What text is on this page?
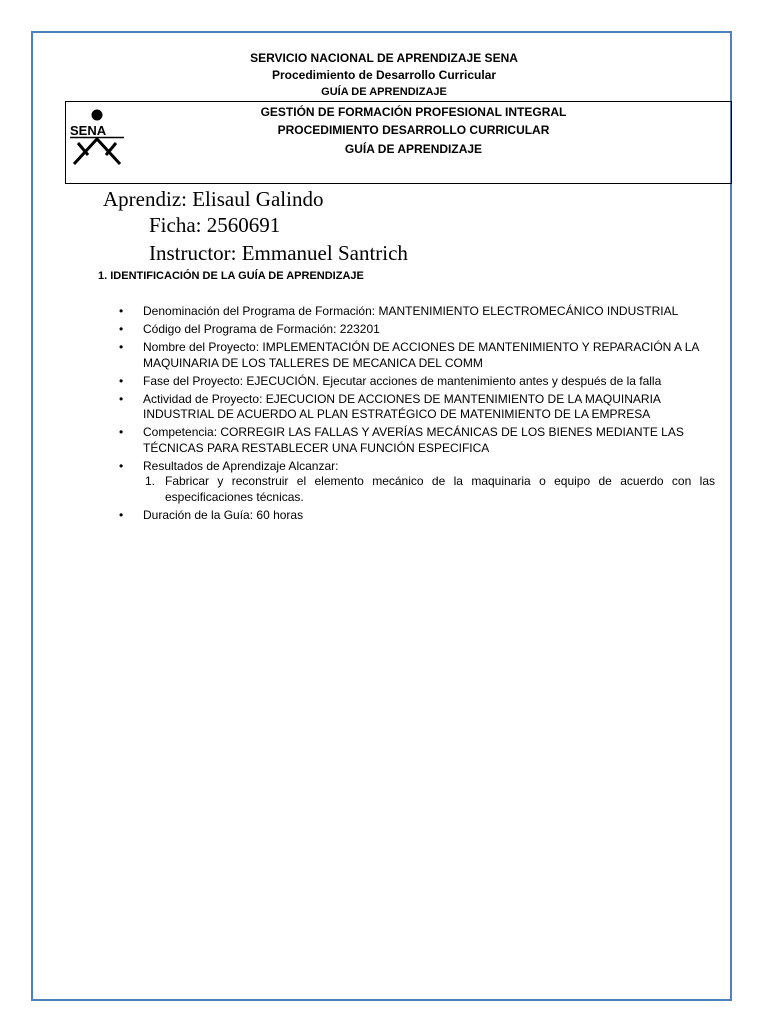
SERVICIO NACIONAL DE APRENDIZAJE SENA
Procedimiento de Desarrollo Curricular
GUÍA DE APRENDIZAJE
SENA
GESTIÓN DE FORMACIÓN PROFESIONAL INTEGRAL
PROCEDIMIENTO DESARROLLO CURRICULAR
GUÍA DE APRENDIZAJE
Aprendiz: Elisaul Galindo
Ficha: 2560691
Instructor: Emmanuel Santrich
1. IDENTIFICACIÓN DE LA GUÍA DE APRENDIZAJE
• Denominación del Programa de Formación: MANTENIMIENTO ELECTROMECÁNICO INDUSTRIAL
• Código del Programa de Formación: 223201
• Nombre del Proyecto: IMPLEMENTACIÓN DE ACCIONES DE MANTENIMIENTO Y REPARACIÓN A LA MAQUINARIA DE LOS TALLERES DE MECANICA DEL COMM
• Fase del Proyecto: EJECUCIÓN. Ejecutar acciones de mantenimiento antes y después de la falla
• Actividad de Proyecto: EJECUCION DE ACCIONES DE MANTENIMIENTO DE LA MAQUINARIA INDUSTRIAL DE ACUERDO AL PLAN ESTRATÉGICO DE MATENIMIENTO DE LA EMPRESA
• Competencia: CORREGIR LAS FALLAS Y AVERÍAS MECÁNICAS DE LOS BIENES MEDIANTE LAS TÉCNICAS PARA RESTABLECER UNA FUNCIÓN ESPECIFICA
• Resultados de Aprendizaje Alcanzar:
1. Fabricar y reconstruir el elemento mecánico de la maquinaria o equipo de acuerdo con las especificaciones técnicas.
• Duración de la Guía: 60 horas
